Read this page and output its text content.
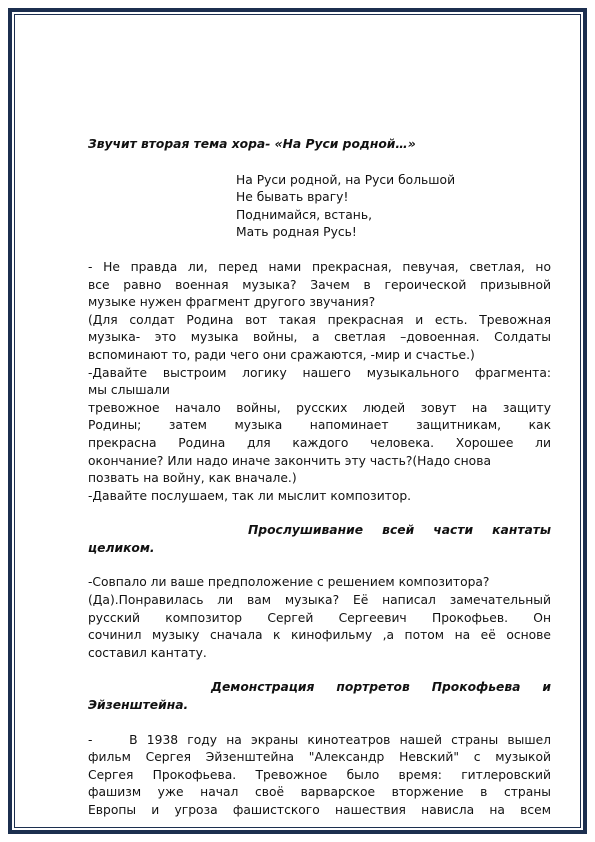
Звучит вторая тема хора- «На Руси родной…»

На Руси родной, на Руси большой
Не бывать врагу!
Поднимайся, встань,
Мать родная Русь!

- Не правда ли, перед нами прекрасная, певучая, светлая, но

все равно военная музыка? Зачем в героической призывной

музыке нужен фрагмент другого звучания?

(Для солдат Родина вот такая прекрасная и есть. Тревожная

музыка- это музыка войны, а светлая –довоенная. Солдаты

вспоминают то, ради чего они сражаются, -мир и счастье.)

-Давайте выстроим логику нашего музыкального фрагмента:

мы слышали

тревожное начало войны, русских людей зовут на защиту

Родины; затем музыка напоминает защитникам, как

прекрасна Родина для каждого человека. Хорошее ли

окончание? Или надо иначе закончить эту часть?(Надо снова

позвать на войну, как вначале.)

-Давайте послушаем, так ли мыслит композитор.

Прослушивание всей части кантаты
целиком.

-Совпало ли ваше предположение с решением композитора?

(Да).Понравилась ли вам музыка? Её написал замечательный

русский композитор Сергей Сергеевич Прокофьев. Он

сочинил музыку сначала к кинофильму ,а потом на её основе

составил кантату.

Демонстрация портретов Прокофьева и
Эйзенштейна.

-    В 1938 году на экраны кинотеатров нашей страны вышел

фильм Сергея Эйзенштейна "Александр Невский" с музыкой

Сергея Прокофьева. Тревожное было время: гитлеровский

фашизм уже начал своё варварское вторжение в страны

Европы и угроза фашистского нашествия нависла на всем
